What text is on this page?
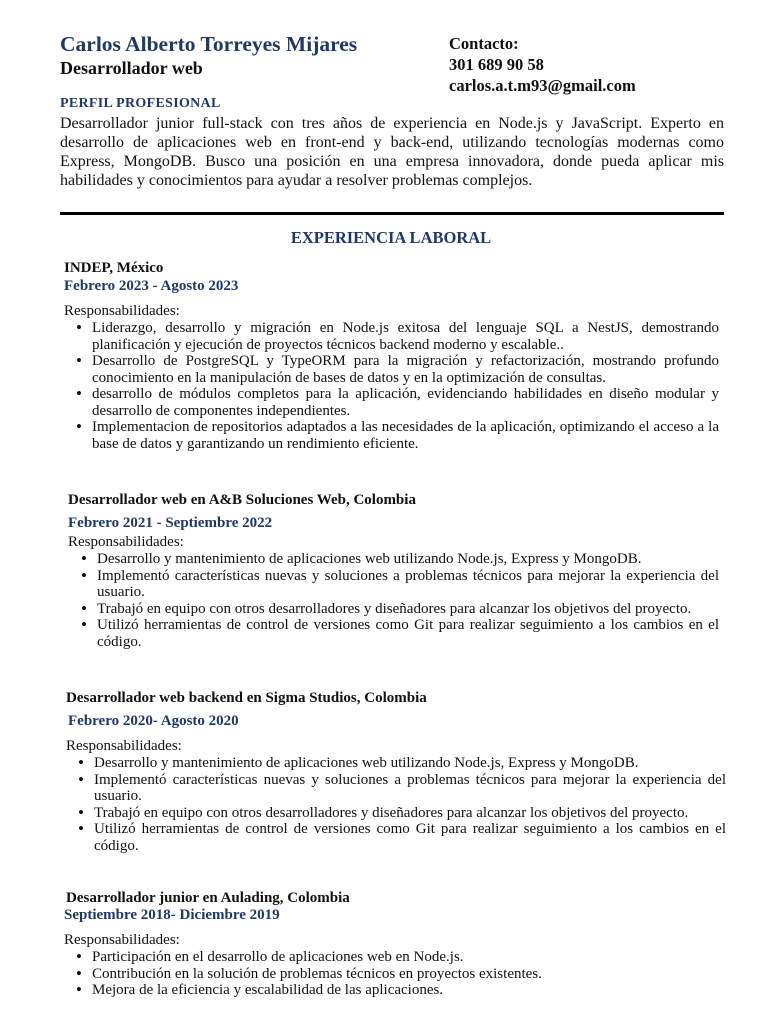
Carlos Alberto Torreyes Mijares
Desarrollador web
Contacto:
301 689 90 58
carlos.a.t.m93@gmail.com
PERFIL PROFESIONAL
Desarrollador junior full-stack con tres años de experiencia en Node.js y JavaScript. Experto en desarrollo de aplicaciones web en front-end y back-end, utilizando tecnologías modernas como Express, MongoDB. Busco una posición en una empresa innovadora, donde pueda aplicar mis habilidades y conocimientos para ayudar a resolver problemas complejos.
EXPERIENCIA LABORAL
INDEP, México
Febrero 2023 - Agosto 2023
Responsabilidades:
• Liderazgo, desarrollo y migración en Node.js exitosa del lenguaje SQL a NestJS, demostrando planificación y ejecución de proyectos técnicos backend moderno y escalable..
• Desarrollo de PostgreSQL y TypeORM para la migración y refactorización, mostrando profundo conocimiento en la manipulación de bases de datos y en la optimización de consultas.
• desarrollo de módulos completos para la aplicación, evidenciando habilidades en diseño modular y desarrollo de componentes independientes.
• Implementacion de repositorios adaptados a las necesidades de la aplicación, optimizando el acceso a la base de datos y garantizando un rendimiento eficiente.
Desarrollador web en A&B Soluciones Web, Colombia
Febrero 2021 - Septiembre 2022
Responsabilidades:
• Desarrollo y mantenimiento de aplicaciones web utilizando Node.js, Express y MongoDB.
• Implementó características nuevas y soluciones a problemas técnicos para mejorar la experiencia del usuario.
• Trabajó en equipo con otros desarrolladores y diseñadores para alcanzar los objetivos del proyecto.
• Utilizó herramientas de control de versiones como Git para realizar seguimiento a los cambios en el código.
Desarrollador web backend en Sigma Studios, Colombia
Febrero 2020- Agosto 2020
Responsabilidades:
• Desarrollo y mantenimiento de aplicaciones web utilizando Node.js, Express y MongoDB.
• Implementó características nuevas y soluciones a problemas técnicos para mejorar la experiencia del usuario.
• Trabajó en equipo con otros desarrolladores y diseñadores para alcanzar los objetivos del proyecto.
• Utilizó herramientas de control de versiones como Git para realizar seguimiento a los cambios en el código.
Desarrollador junior en Aulading, Colombia
Septiembre 2018- Diciembre 2019
Responsabilidades:
• Participación en el desarrollo de aplicaciones web en Node.js.
• Contribución en la solución de problemas técnicos en proyectos existentes.
• Mejora de la eficiencia y escalabilidad de las aplicaciones.
